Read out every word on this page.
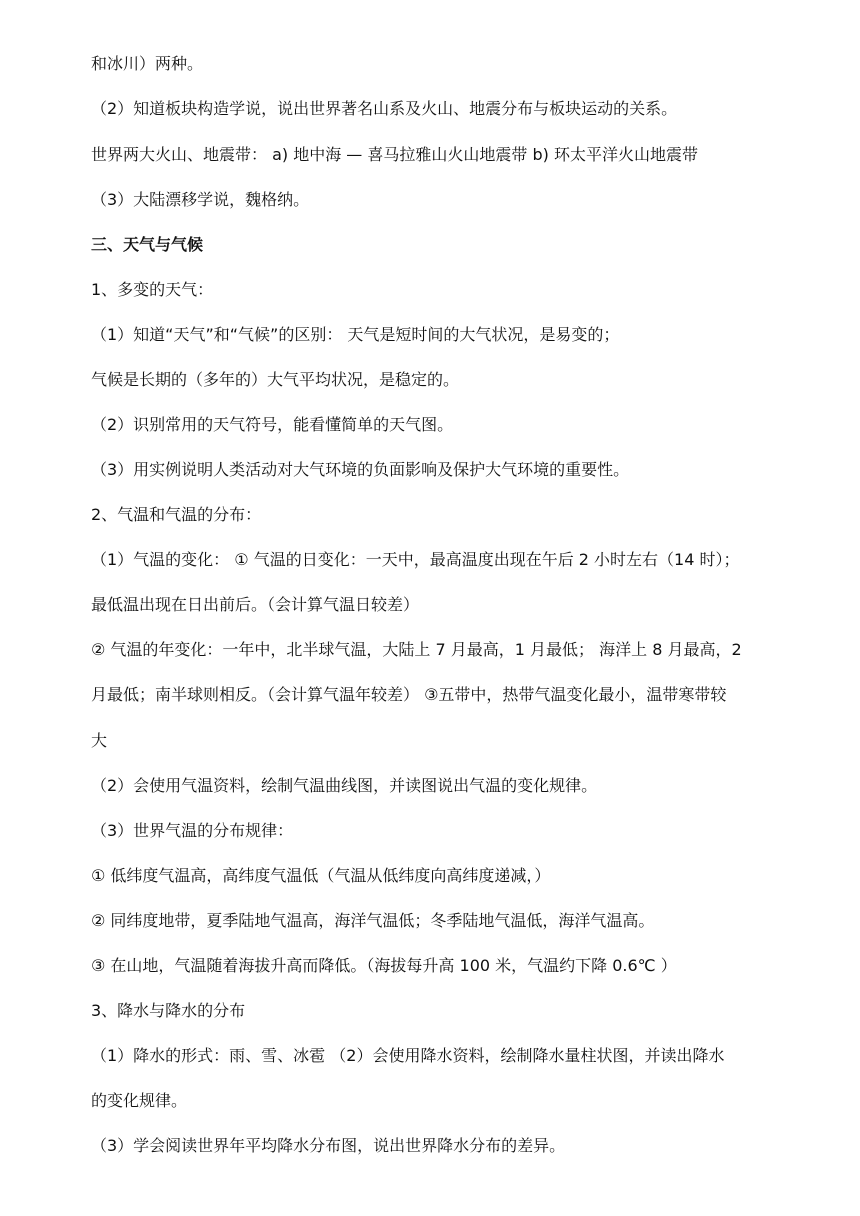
和冰川）两种。
（2）知道板块构造学说，说出世界著名山系及火山、地震分布与板块运动的关系。
世界两大火山、地震带： a) 地中海 — 喜马拉雅山火山地震带 b) 环太平洋火山地震带
（3）大陆漂移学说，魏格纳。
三、天气与气候
1、多变的天气：
（1）知道“天气”和“气候”的区别： 天气是短时间的大气状况，是易变的；
气候是长期的（多年的）大气平均状况，是稳定的。
（2）识别常用的天气符号，能看懂简单的天气图。
（3）用实例说明人类活动对大气环境的负面影响及保护大气环境的重要性。
2、气温和气温的分布：
（1）气温的变化： ① 气温的日变化：一天中，最高温度出现在午后 2 小时左右（14 时）；
最低温出现在日出前后。（会计算气温日较差）
② 气温的年变化：一年中，北半球气温，大陆上 7 月最高，1 月最低； 海洋上 8 月最高，2
月最低；南半球则相反。（会计算气温年较差） ③五带中，热带气温变化最小，温带寒带较
大
（2）会使用气温资料，绘制气温曲线图，并读图说出气温的变化规律。
（3）世界气温的分布规律：
① 低纬度气温高，高纬度气温低（气温从低纬度向高纬度递减，）
② 同纬度地带，夏季陆地气温高，海洋气温低；冬季陆地气温低，海洋气温高。
③ 在山地，气温随着海拔升高而降低。（海拔每升高 100 米，气温约下降 0.6℃ ）
3、降水与降水的分布
（1）降水的形式：雨、雪、冰雹 （2）会使用降水资料，绘制降水量柱状图，并读出降水
的变化规律。
（3）学会阅读世界年平均降水分布图，说出世界降水分布的差异。
